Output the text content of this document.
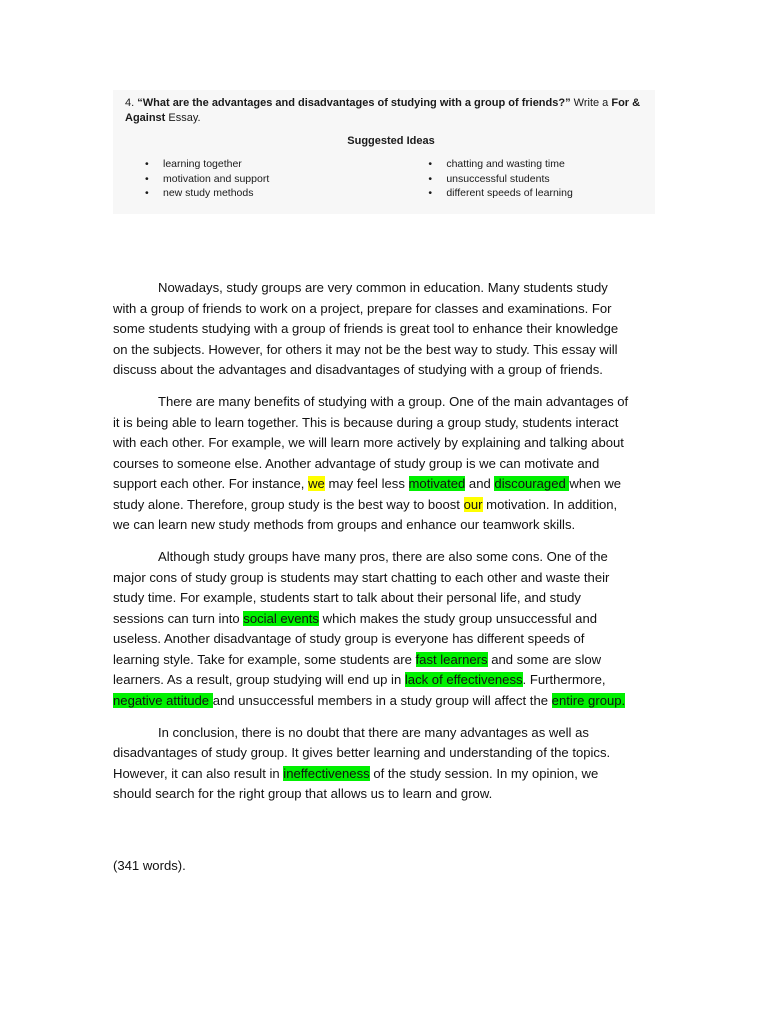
4. “What are the advantages and disadvantages of studying with a group of friends?” Write a For & Against Essay.
Suggested Ideas
• learning together
• motivation and support
• new study methods
• chatting and wasting time
• unsuccessful students
• different speeds of learning

Nowadays, study groups are very common in education. Many students study with a group of friends to work on a project, prepare for classes and examinations. For some students studying with a group of friends is great tool to enhance their knowledge on the subjects. However, for others it may not be the best way to study. This essay will discuss about the advantages and disadvantages of studying with a group of friends.

There are many benefits of studying with a group. One of the main advantages of it is being able to learn together. This is because during a group study, students interact with each other. For example, we will learn more actively by explaining and talking about courses to someone else. Another advantage of study group is we can motivate and support each other. For instance, we may feel less motivated and discouraged when we study alone. Therefore, group study is the best way to boost our motivation. In addition, we can learn new study methods from groups and enhance our teamwork skills.

Although study groups have many pros, there are also some cons. One of the major cons of study group is students may start chatting to each other and waste their study time. For example, students start to talk about their personal life, and study sessions can turn into social events which makes the study group unsuccessful and useless. Another disadvantage of study group is everyone has different speeds of learning style. Take for example, some students are fast learners and some are slow learners. As a result, group studying will end up in lack of effectiveness. Furthermore, negative attitude and unsuccessful members in a study group will affect the entire group.

In conclusion, there is no doubt that there are many advantages as well as disadvantages of study group. It gives better learning and understanding of the topics. However, it can also result in ineffectiveness of the study session. In my opinion, we should search for the right group that allows us to learn and grow.

(341 words).
